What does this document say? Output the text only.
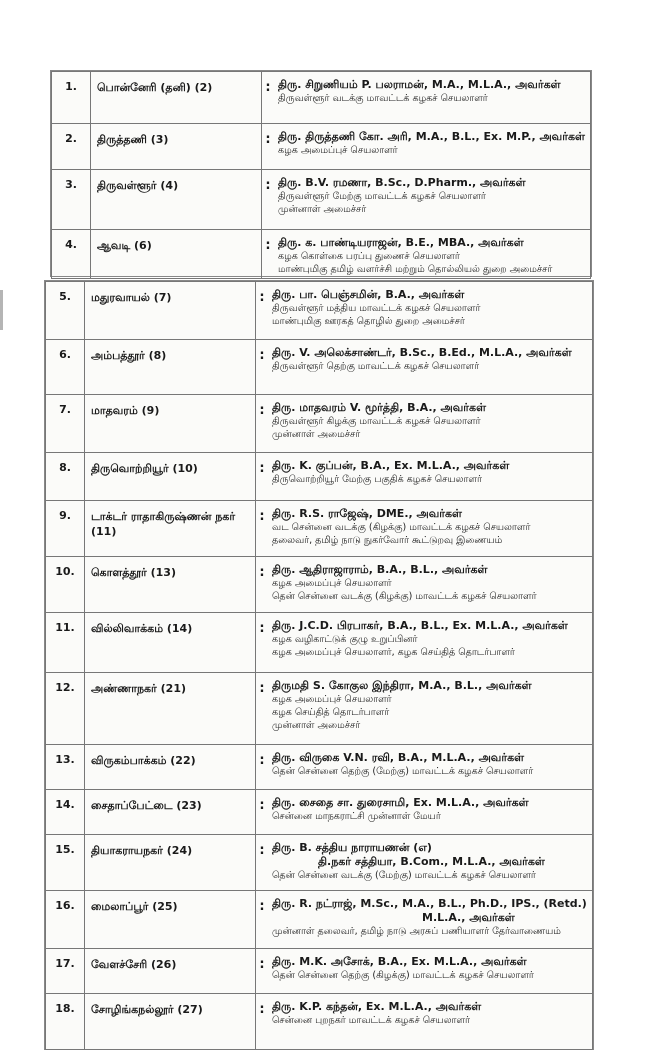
1.	பொன்னேரி (தனி) (2)	:	திரு. சிறுணியம் P. பலராமன், M.A., M.L.A., அவர்கள்
திருவள்ளூர் வடக்கு மாவட்டக் கழகச் செயலாளர்

2.	திருத்தணி (3)	:	திரு. திருத்தணி கோ. அரி, M.A., B.L., Ex. M.P., அவர்கள்
கழக அமைப்புச் செயலாளர்

3.	திருவள்ளூர் (4)	:	திரு. B.V. ரமணா, B.Sc., D.Pharm., அவர்கள்
திருவள்ளூர் மேற்கு மாவட்டக் கழகச் செயலாளர்
முன்னாள் அமைச்சர்

4.	ஆவடி (6)	:	திரு. க. பாண்டியராஜன், B.E., MBA., அவர்கள்
கழக கொள்கை பரப்பு துணைச் செயலாளர்
மாண்புமிகு தமிழ் வளர்ச்சி மற்றும் தொல்லியல் துறை அமைச்சர்
5.	மதுரவாயல் (7)	:	திரு. பா. பெஞ்சமின், B.A., அவர்கள்
திருவள்ளூர் மத்திய மாவட்டக் கழகச் செயலாளர்
மாண்புமிகு ஊரகத் தொழில் துறை அமைச்சர்

6.	அம்பத்தூர் (8)	:	திரு. V. அலெக்சாண்டர், B.Sc., B.Ed., M.L.A., அவர்கள்
திருவள்ளூர் தெற்கு மாவட்டக் கழகச் செயலாளர்

7.	மாதவரம் (9)	:	திரு. மாதவரம் V. மூர்த்தி, B.A., அவர்கள்
திருவள்ளூர் கிழக்கு மாவட்டக் கழகச் செயலாளர்
முன்னாள் அமைச்சர்

8.	திருவொற்றியூர் (10)	:	திரு. K. குப்பன், B.A., Ex. M.L.A., அவர்கள்
திருவொற்றியூர் மேற்கு பகுதிக் கழகச் செயலாளர்

9.	டாக்டர் ராதாகிருஷ்ணன் நகர் (11)	:	திரு. R.S. ராஜேஷ், DME., அவர்கள்
வட சென்னை வடக்கு (கிழக்கு) மாவட்டக் கழகச் செயலாளர்
தலைவர், தமிழ் நாடு நுகர்வோர் கூட்டுறவு இணையம்

10.	கொளத்தூர் (13)	:	திரு. ஆதிராஜாராம், B.A., B.L., அவர்கள்
கழக அமைப்புச் செயலாளர்
தென் சென்னை வடக்கு (கிழக்கு) மாவட்டக் கழகச் செயலாளர்

11.	வில்லிவாக்கம் (14)	:	திரு. J.C.D. பிரபாகர், B.A., B.L., Ex. M.L.A., அவர்கள்
கழக வழிகாட்டுக் குழு உறுப்பினர்
கழக அமைப்புச் செயலாளர், கழக செய்தித் தொடர்பாளர்

12.	அண்ணாநகர் (21)	:	திருமதி S. கோகுல இந்திரா, M.A., B.L., அவர்கள்
கழக அமைப்புச் செயலாளர்
கழக செய்தித் தொடர்பாளர்
முன்னாள் அமைச்சர்

13.	விருகம்பாக்கம் (22)	:	திரு. விருகை V.N. ரவி, B.A., M.L.A., அவர்கள்
தென் சென்னை தெற்கு (மேற்கு) மாவட்டக் கழகச் செயலாளர்

14.	சைதாப்பேட்டை (23)	:	திரு. சைதை சா. துரைசாமி, Ex. M.L.A., அவர்கள்
சென்னை மாநகராட்சி முன்னாள் மேயர்

15.	தியாகராயநகர் (24)	:	திரு. B. சத்திய நாராயணன் (எ)
தி.நகர் சத்தியா, B.Com., M.L.A., அவர்கள்
தென் சென்னை வடக்கு (மேற்கு) மாவட்டக் கழகச் செயலாளர்

16.	மைலாப்பூர் (25)	:	திரு. R. நட்ராஜ், M.Sc., M.A., B.L., Ph.D., IPS., (Retd.)
M.L.A., அவர்கள்
முன்னாள் தலைவர், தமிழ் நாடு அரசுப் பணியாளர் தேர்வாணையம்

17.	வேளச்சேரி (26)	:	திரு. M.K. அசோக், B.A., Ex. M.L.A., அவர்கள்
தென் சென்னை தெற்கு (கிழக்கு) மாவட்டக் கழகச் செயலாளர்

18.	சோழிங்கநல்லூர் (27)	:	திரு. K.P. கந்தன், Ex. M.L.A., அவர்கள்
சென்னை புறநகர் மாவட்டக் கழகச் செயலாளர்
